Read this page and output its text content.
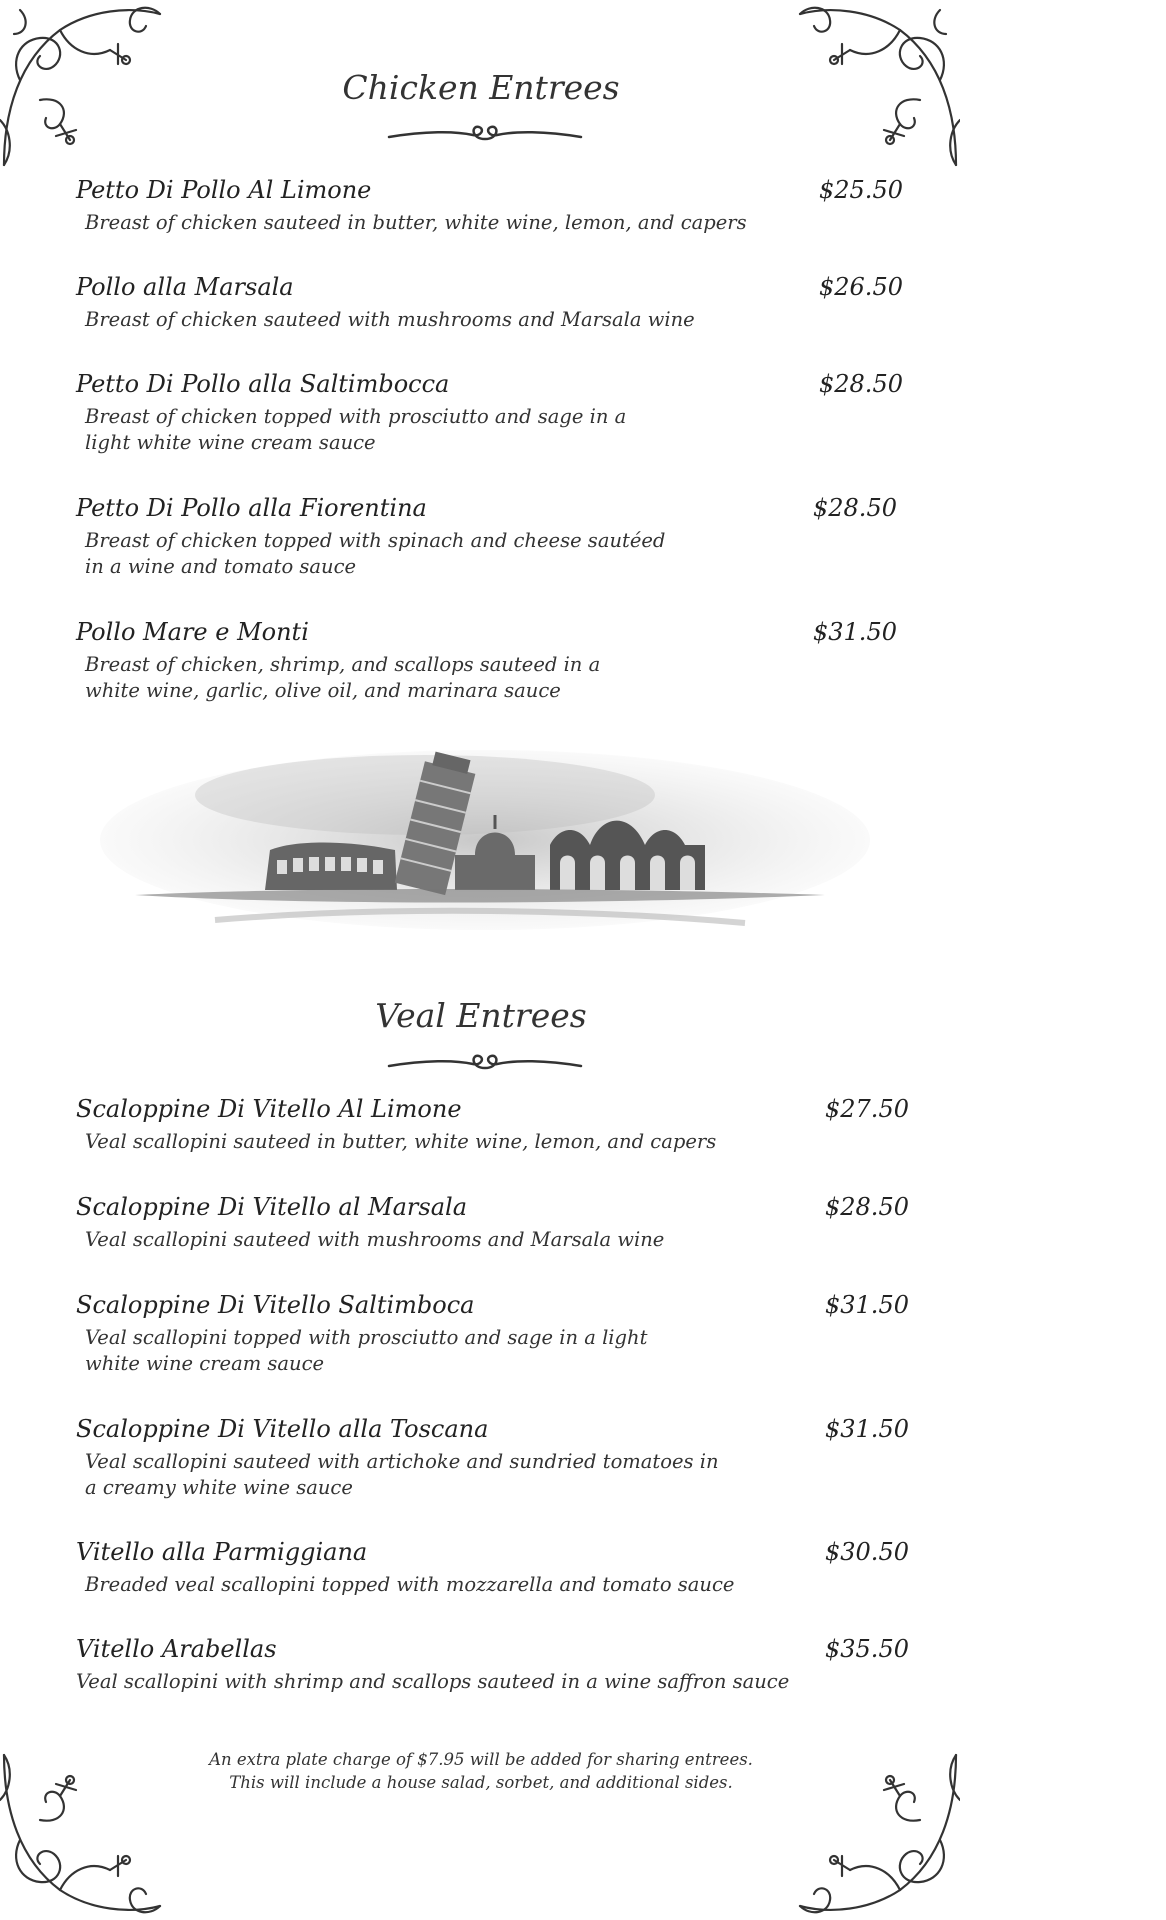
Chicken Entrees
Petto Di Pollo Al Limone	$25.50
Breast of chicken sauteed in butter, white wine, lemon, and capers
Pollo alla Marsala	$26.50
Breast of chicken sauteed with mushrooms and Marsala wine
Petto Di Pollo alla Saltimbocca	$28.50
Breast of chicken topped with prosciutto and sage in a
light white wine cream sauce
Petto Di Pollo alla Fiorentina	$28.50
Breast of chicken topped with spinach and cheese sautéed
in a wine and tomato sauce
Pollo Mare e Monti	$31.50
Breast of chicken, shrimp, and scallops sauteed in a
white wine, garlic, olive oil, and marinara sauce
Veal Entrees
Scaloppine Di Vitello Al Limone	$27.50
Veal scallopini sauteed in butter, white wine, lemon, and capers
Scaloppine Di Vitello al Marsala	$28.50
Veal scallopini sauteed with mushrooms and Marsala wine
Scaloppine Di Vitello Saltimboca	$31.50
Veal scallopini topped with prosciutto and sage in a light
white wine cream sauce
Scaloppine Di Vitello alla Toscana	$31.50
Veal scallopini sauteed with artichoke and sundried tomatoes in
a creamy white wine sauce
Vitello alla Parmiggiana	$30.50
Breaded veal scallopini topped with mozzarella and tomato sauce
Vitello Arabellas	$35.50
Veal scallopini with shrimp and scallops sauteed in a wine saffron sauce
An extra plate charge of $7.95 will be added for sharing entrees.
This will include a house salad, sorbet, and additional sides.
